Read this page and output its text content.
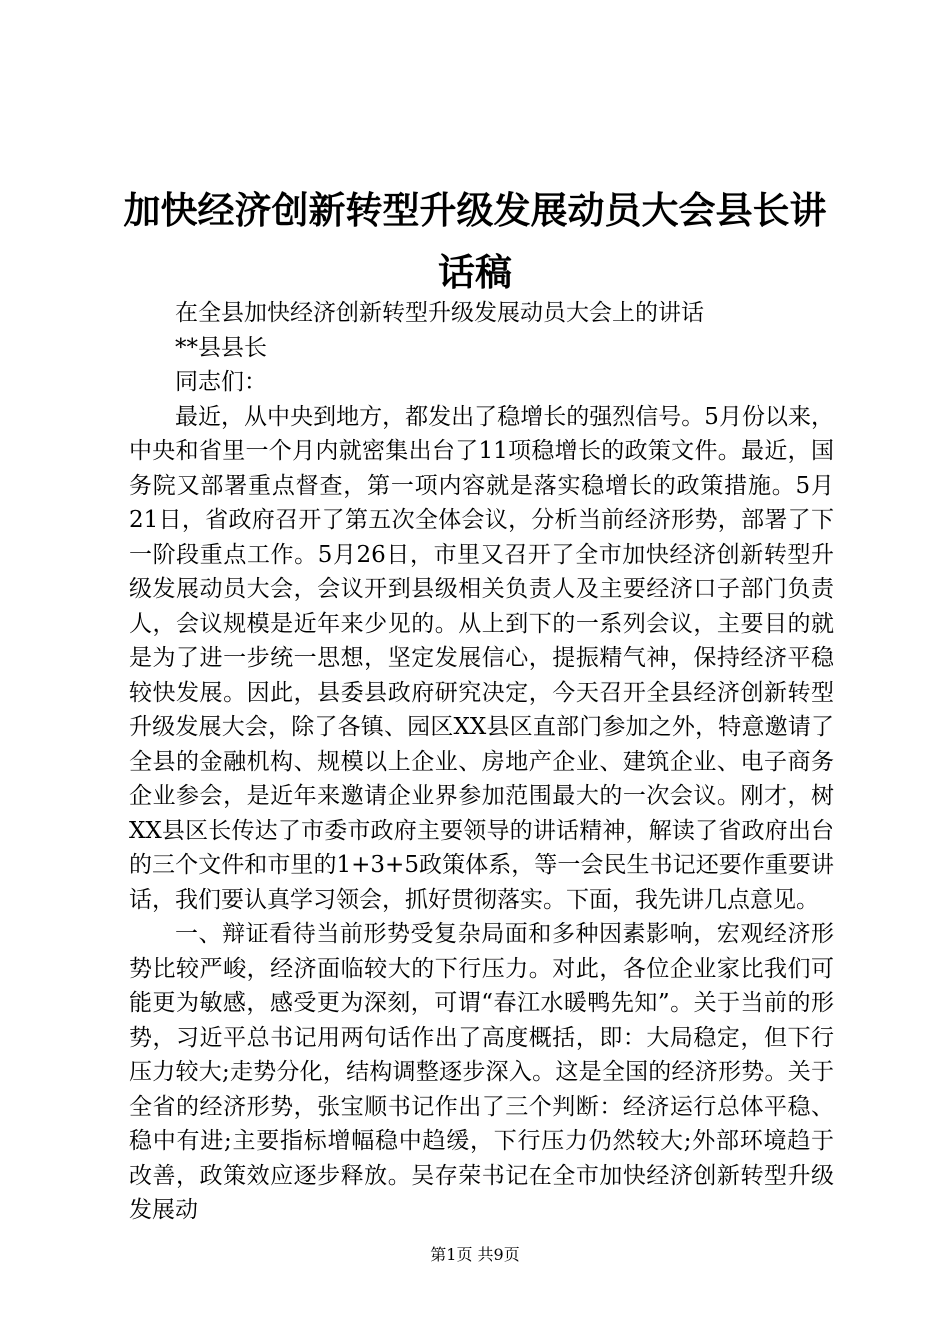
加快经济创新转型升级发展动员大会县长讲话稿

在全县加快经济创新转型升级发展动员大会上的讲话

**县县长

同志们：

最近，从中央到地方，都发出了稳增长的强烈信号。5月份以来，中央和省里一个月内就密集出台了11项稳增长的政策文件。最近，国务院又部署重点督查，第一项内容就是落实稳增长的政策措施。5月21日，省政府召开了第五次全体会议，分析当前经济形势，部署了下一阶段重点工作。5月26日，市里又召开了全市加快经济创新转型升级发展动员大会，会议开到县级相关负责人及主要经济口子部门负责人，会议规模是近年来少见的。从上到下的一系列会议，主要目的就是为了进一步统一思想，坚定发展信心，提振精气神，保持经济平稳较快发展。因此，县委县政府研究决定，今天召开全县经济创新转型升级发展大会，除了各镇、园区XX县区直部门参加之外，特意邀请了全县的金融机构、规模以上企业、房地产企业、建筑企业、电子商务企业参会，是近年来邀请企业界参加范围最大的一次会议。刚才，树XX县区长传达了市委市政府主要领导的讲话精神，解读了省政府出台的三个文件和市里的1+3+5政策体系，等一会民生书记还要作重要讲话，我们要认真学习领会，抓好贯彻落实。下面，我先讲几点意见。

一、辩证看待当前形势受复杂局面和多种因素影响，宏观经济形势比较严峻，经济面临较大的下行压力。对此，各位企业家比我们可能更为敏感，感受更为深刻，可谓“春江水暖鸭先知”。关于当前的形势，习近平总书记用两句话作出了高度概括，即：大局稳定，但下行压力较大;走势分化，结构调整逐步深入。这是全国的经济形势。关于全省的经济形势，张宝顺书记作出了三个判断：经济运行总体平稳、稳中有进;主要指标增幅稳中趋缓，下行压力仍然较大;外部环境趋于改善，政策效应逐步释放。吴存荣书记在全市加快经济创新转型升级发展动

第1页 共9页
